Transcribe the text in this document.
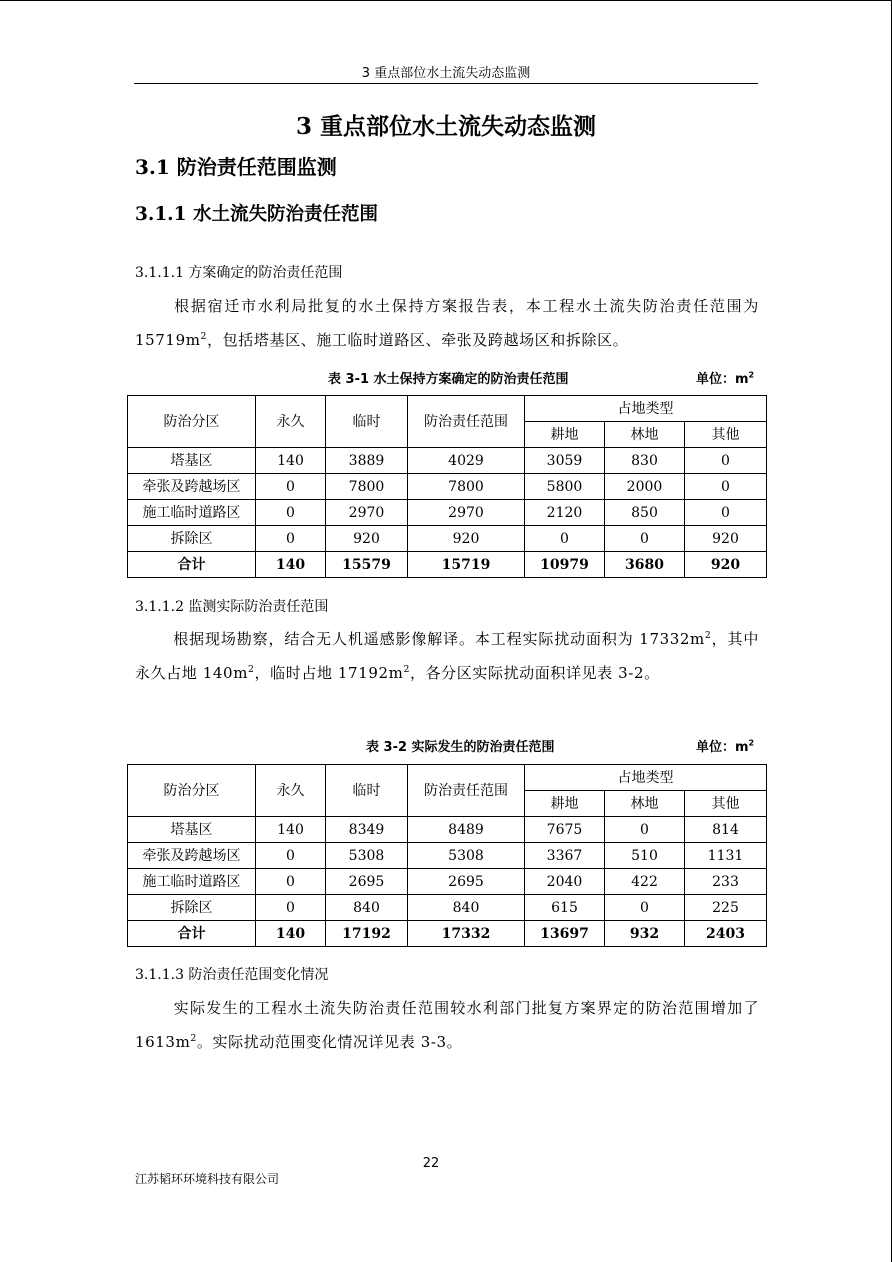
3 重点部位水土流失动态监测
3 重点部位水土流失动态监测
3.1 防治责任范围监测
3.1.1 水土流失防治责任范围
3.1.1.1 方案确定的防治责任范围

根据宿迁市水利局批复的水土保持方案报告表，本工程水土流失防治责任范围为 $15719m^2$，包括塔基区、施工临时道路区、牵张及跨越场区和拆除区。

表 3-1 水土保持方案确定的防治责任范围	单位：$m^2$
防治分区	永久	临时	防治责任范围	占地类型		
				耕地	林地	其他
塔基区	140	3889	4029	3059	830	0
牵张及跨越场区	0	7800	7800	5800	2000	0
施工临时道路区	0	2970	2970	2120	850	0
拆除区	0	920	920	0	0	920
合计	140	15579	15719	10979	3680	920
3.1.1.2 监测实际防治责任范围

根据现场勘察，结合无人机遥感影像解译。本工程实际扰动面积为 $17332m^2$，其中永久占地 $140m^2$，临时占地 $17192m^2$，各分区实际扰动面积详见表 3-2。

表 3-2 实际发生的防治责任范围	单位：$m^2$
防治分区	永久	临时	防治责任范围	占地类型		
				耕地	林地	其他
塔基区	140	8349	8489	7675	0	814
牵张及跨越场区	0	5308	5308	3367	510	1131
施工临时道路区	0	2695	2695	2040	422	233
拆除区	0	840	840	615	0	225
合计	140	17192	17332	13697	932	2403
3.1.1.3 防治责任范围变化情况

实际发生的工程水土流失防治责任范围较水利部门批复方案界定的防治范围增加了 $1613m^2$。实际扰动范围变化情况详见表 3-3。

22
江苏韬环环境科技有限公司
